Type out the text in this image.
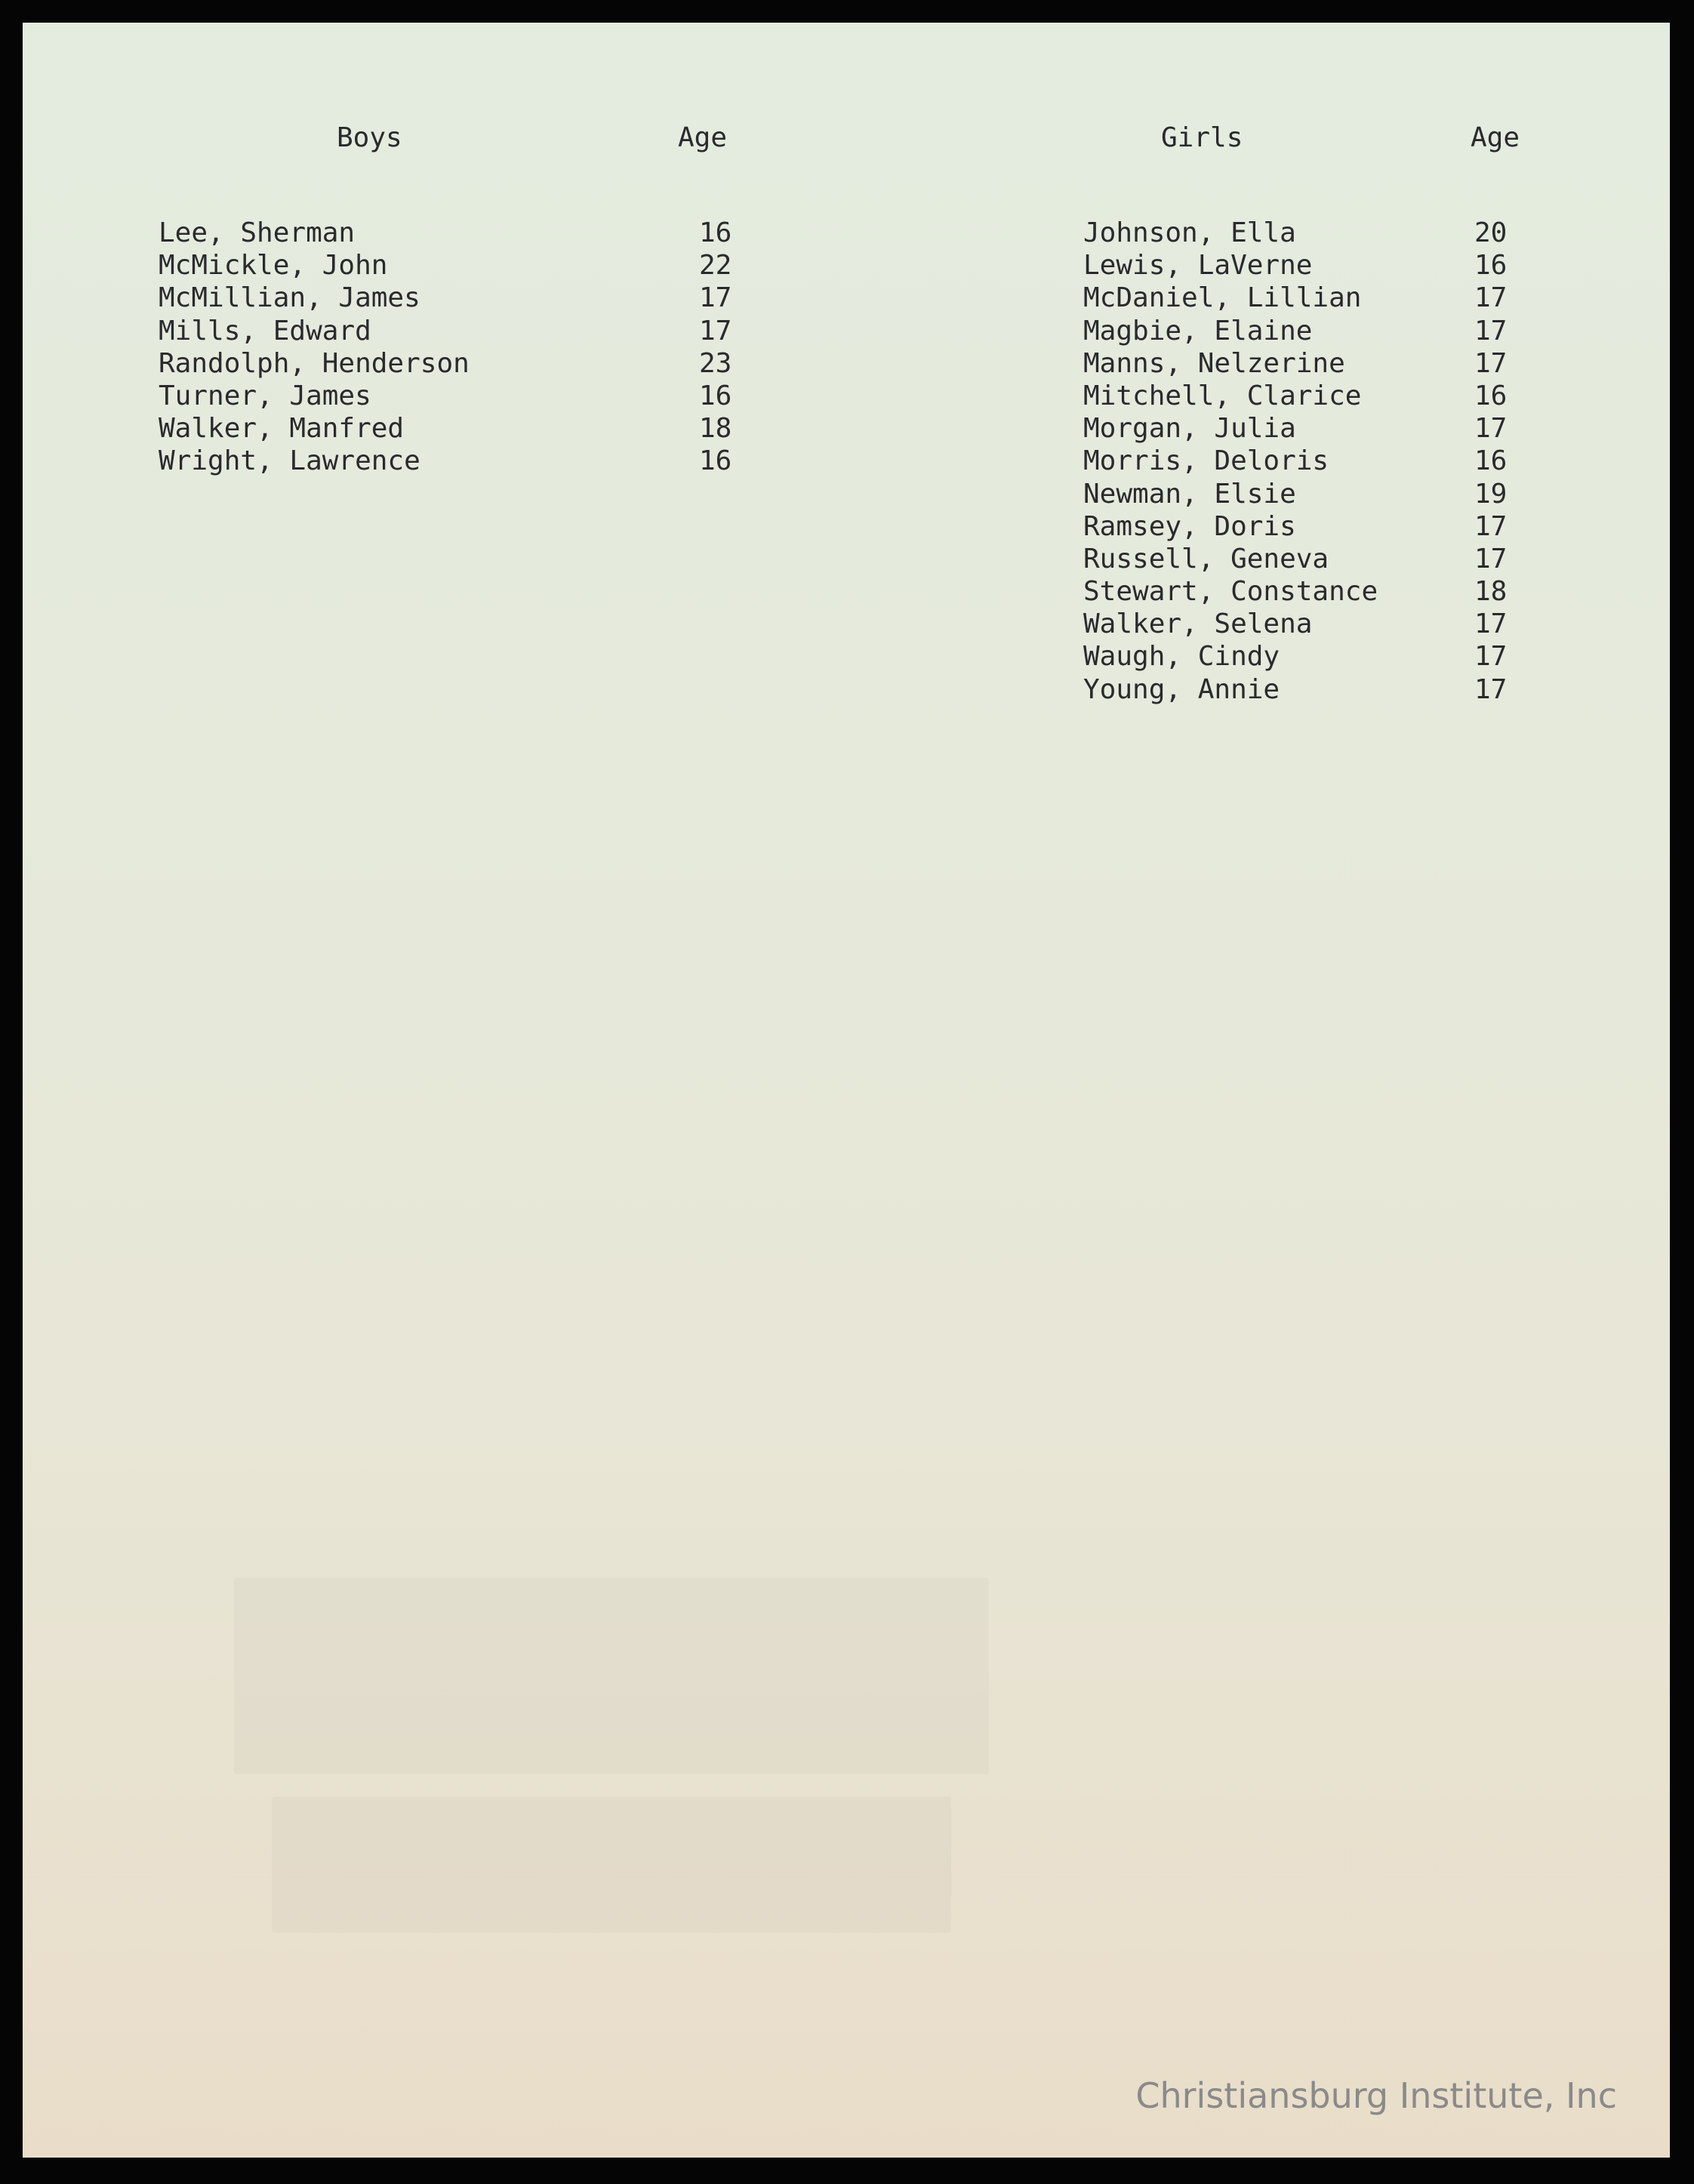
Boys	Age	Girls	Age
Lee, Sherman	16
McMickle, John	22
McMillian, James	17
Mills, Edward	17
Randolph, Henderson	23
Turner, James	16
Walker, Manfred	18
Wright, Lawrence	16
Johnson, Ella	20
Lewis, LaVerne	16
McDaniel, Lillian	17
Magbie, Elaine	17
Manns, Nelzerine	17
Mitchell, Clarice	16
Morgan, Julia	17
Morris, Deloris	16
Newman, Elsie	19
Ramsey, Doris	17
Russell, Geneva	17
Stewart, Constance	18
Walker, Selena	17
Waugh, Cindy	17
Young, Annie	17
Christiansburg Institute, Inc
